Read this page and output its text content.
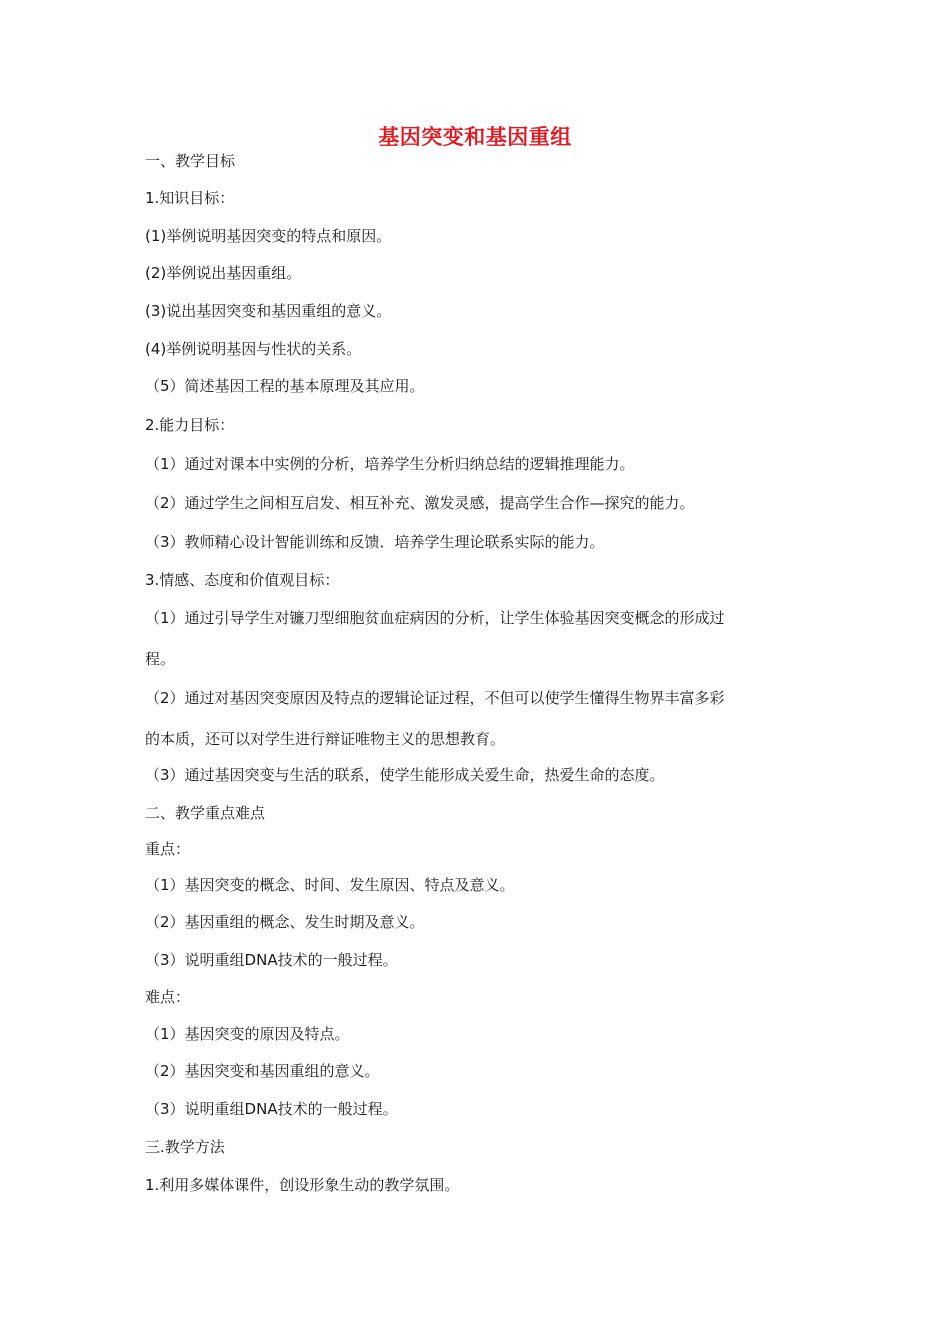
基因突变和基因重组
一、教学目标
1.知识目标：
(1)举例说明基因突变的特点和原因。
(2)举例说出基因重组。
(3)说出基因突变和基因重组的意义。
(4)举例说明基因与性状的关系。
（5）简述基因工程的基本原理及其应用。
2.能力目标：
（1）通过对课本中实例的分析，培养学生分析归纳总结的逻辑推理能力。
（2）通过学生之间相互启发、相互补充、激发灵感，提高学生合作—探究的能力。
（3）教师精心设计智能训练和反馈．培养学生理论联系实际的能力。
3.情感、态度和价值观目标：
（1）通过引导学生对镰刀型细胞贫血症病因的分析，让学生体验基因突变概念的形成过
程。
（2）通过对基因突变原因及特点的逻辑论证过程，不但可以使学生懂得生物界丰富多彩
的本质，还可以对学生进行辩证唯物主义的思想教育。
（3）通过基因突变与生活的联系，使学生能形成关爱生命，热爱生命的态度。
二、教学重点难点
重点：
（1）基因突变的概念、时间、发生原因、特点及意义。
（2）基因重组的概念、发生时期及意义。
（3）说明重组DNA技术的一般过程。
难点：
（1）基因突变的原因及特点。
（2）基因突变和基因重组的意义。
（3）说明重组DNA技术的一般过程。
三.教学方法
1.利用多媒体课件，创设形象生动的教学氛围。
